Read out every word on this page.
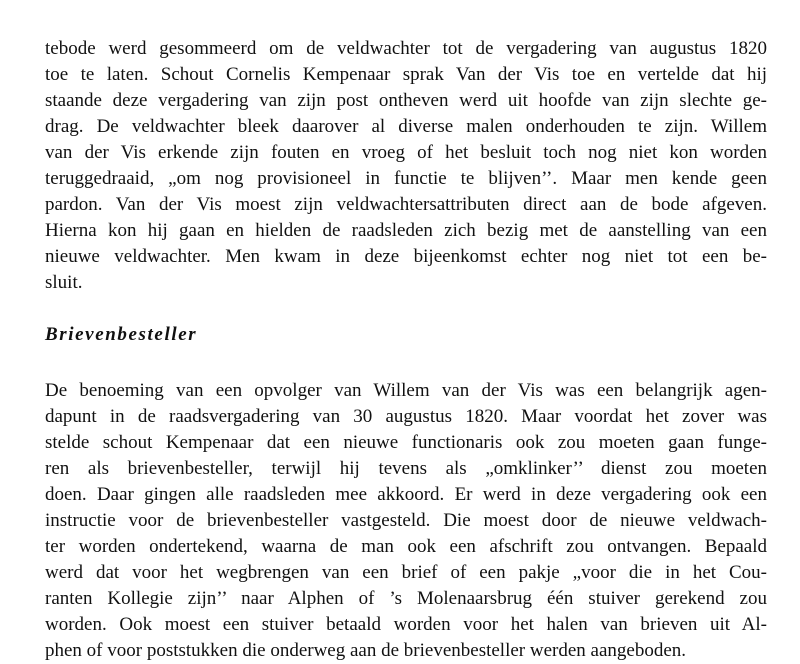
tebode werd gesommeerd om de veldwachter tot de vergadering van augustus 1820
toe te laten. Schout Cornelis Kempenaar sprak Van der Vis toe en vertelde dat hij
staande deze vergadering van zijn post ontheven werd uit hoofde van zijn slechte ge-
drag. De veldwachter bleek daarover al diverse malen onderhouden te zijn. Willem
van der Vis erkende zijn fouten en vroeg of het besluit toch nog niet kon worden
teruggedraaid, „om nog provisioneel in functie te blijven’’. Maar men kende geen
pardon. Van der Vis moest zijn veldwachtersattributen direct aan de bode afgeven.
Hierna kon hij gaan en hielden de raadsleden zich bezig met de aanstelling van een
nieuwe veldwachter. Men kwam in deze bijeenkomst echter nog niet tot een be-
sluit.
Brievenbesteller
De benoeming van een opvolger van Willem van der Vis was een belangrijk agen-
dapunt in de raadsvergadering van 30 augustus 1820. Maar voordat het zover was
stelde schout Kempenaar dat een nieuwe functionaris ook zou moeten gaan funge-
ren als brievenbesteller, terwijl hij tevens als „omklinker’’ dienst zou moeten
doen. Daar gingen alle raadsleden mee akkoord. Er werd in deze vergadering ook een
instructie voor de brievenbesteller vastgesteld. Die moest door de nieuwe veldwach-
ter worden ondertekend, waarna de man ook een afschrift zou ontvangen. Bepaald
werd dat voor het wegbrengen van een brief of een pakje „voor die in het Cou-
ranten Kollegie zijn’’ naar Alphen of ’s Molenaarsbrug één stuiver gerekend zou
worden. Ook moest een stuiver betaald worden voor het halen van brieven uit Al-
phen of voor poststukken die onderweg aan de brievenbesteller werden aangeboden.
